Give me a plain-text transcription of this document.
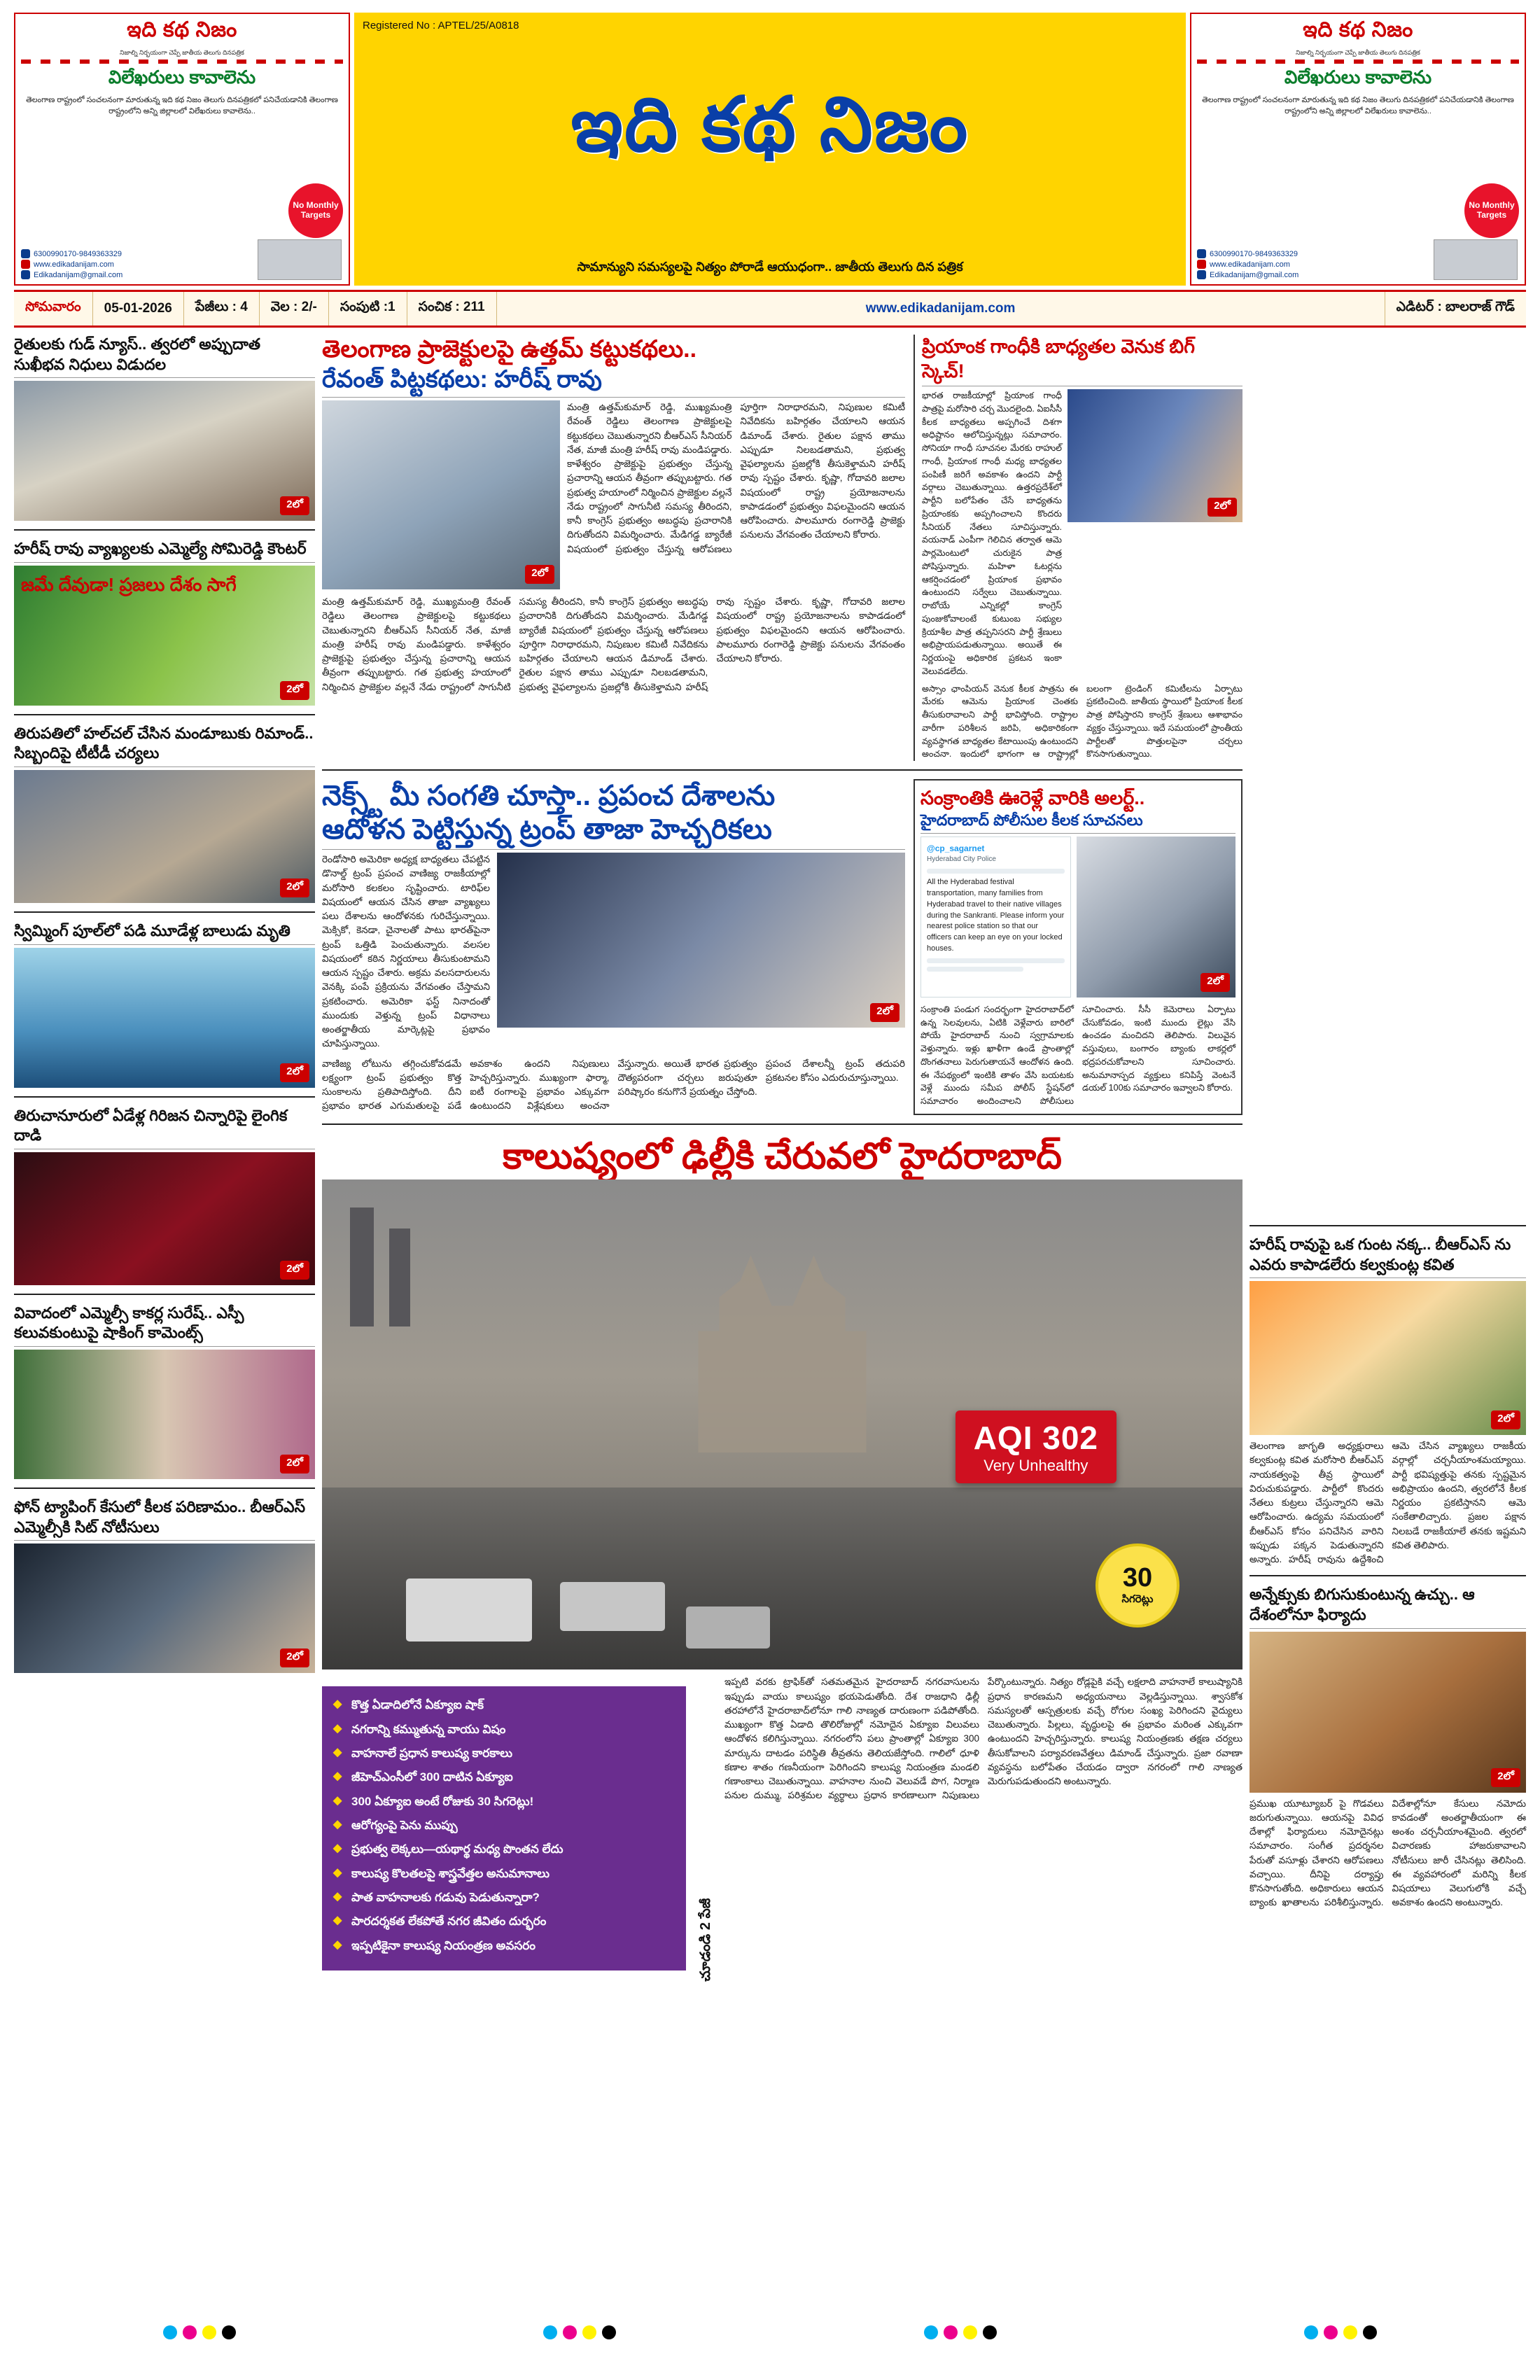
ఇది కథ నిజం
నిజాల్ని నిర్భయంగా చెప్పే జాతీయ తెలుగు దినపత్రిక
విలేఖరులు కావాలెను
తెలంగాణ రాష్ట్రంలో సంచలనంగా మారుతున్న ఇది కథ నిజం తెలుగు దినపత్రికలో పనిచేయడానికి తెలంగాణ రాష్ట్రంలోని అన్ని జిల్లాలలో విలేఖరులు కావాలెను..
No Monthly Targets
6300990170-9849363329
www.edikadanijam.com
Edikadanijam@gmail.com
Registered No : APTEL/25/A0818
ఇది కథ నిజం
సామాన్యుని సమస్యలపై నిత్యం పోరాడే ఆయుధంగా.. జాతీయ తెలుగు దిన పత్రిక
ఇది కథ నిజం
నిజాల్ని నిర్భయంగా చెప్పే జాతీయ తెలుగు దినపత్రిక
విలేఖరులు కావాలెను
తెలంగాణ రాష్ట్రంలో సంచలనంగా మారుతున్న ఇది కథ నిజం తెలుగు దినపత్రికలో పనిచేయడానికి తెలంగాణ రాష్ట్రంలోని అన్ని జిల్లాలలో విలేఖరులు కావాలెను..
No Monthly Targets
6300990170-9849363329
www.edikadanijam.com
Edikadanijam@gmail.com
సోమవారం	05-01-2026	పేజీలు : 4	వెల : 2/-	సంపుటి :1	సంచిక : 211	www.edikadanijam.com	ఎడిటర్ : బాలరాజ్ గౌడ్
రైతులకు గుడ్ న్యూస్.. త్వరలో అప్పుదాత సుఖీభవ నిధులు విడుదల
2లో
హరీష్ రావు వ్యాఖ్యలకు ఎమ్మెల్యే సోమిరెడ్డి కౌంటర్
జమే దేవుడా! ప్రజలు దేశం సాగే
2లో
తిరుపతిలో హల్‌చల్ చేసిన మండూబుకు రిమాండ్.. సిబ్బందిపై టీటీడీ చర్యలు
2లో
స్విమ్మింగ్ పూల్‌లో పడి మూడేళ్ల బాలుడు మృతి
2లో
తిరుచానూరులో ఏడేళ్ల గిరిజన చిన్నారిపై లైంగిక దాడి
2లో
వివాదంలో ఎమ్మెల్సీ కాకర్ల సురేష్.. ఎస్పీ కలువకుంటుపై షాకింగ్ కామెంట్స్
2లో
ఫోన్ ట్యాపింగ్ కేసులో కీలక పరిణామం.. బీఆర్ఎస్ ఎమ్మెల్సీకి సిట్ నోటీసులు
2లో
తెలంగాణ ప్రాజెక్టులపై ఉత్తమ్ కట్టుకథలు..
రేవంత్ పిట్టకథలు: హరీష్ రావు
2లో
మంత్రి ఉత్తమ్‌కుమార్ రెడ్డి, ముఖ్యమంత్రి రేవంత్ రెడ్డిలు తెలంగాణ ప్రాజెక్టులపై కట్టుకథలు చెబుతున్నారని బీఆర్ఎస్ సీనియర్ నేత, మాజీ మంత్రి హరీష్ రావు మండిపడ్డారు. కాళేశ్వరం ప్రాజెక్టుపై ప్రభుత్వం చేస్తున్న ప్రచారాన్ని ఆయన తీవ్రంగా తప్పుబట్టారు. గత ప్రభుత్వ హయాంలో నిర్మించిన ప్రాజెక్టుల వల్లనే నేడు రాష్ట్రంలో సాగునీటి సమస్య తీరిందని, కానీ కాంగ్రెస్ ప్రభుత్వం అబద్ధపు ప్రచారానికి దిగుతోందని విమర్శించారు. మేడిగడ్డ బ్యారేజీ విషయంలో ప్రభుత్వం చేస్తున్న ఆరోపణలు పూర్తిగా నిరాధారమని, నిపుణుల కమిటీ నివేదికను బహిర్గతం చేయాలని ఆయన డిమాండ్ చేశారు. రైతుల పక్షాన తాము ఎప్పుడూ నిలబడతామని, ప్రభుత్వ వైఫల్యాలను ప్రజల్లోకి తీసుకెళ్తామని హరీష్ రావు స్పష్టం చేశారు. కృష్ణా, గోదావరి జలాల విషయంలో రాష్ట్ర ప్రయోజనాలను కాపాడడంలో ప్రభుత్వం విఫలమైందని ఆయన ఆరోపించారు. పాలమూరు రంగారెడ్డి ప్రాజెక్టు పనులను వేగవంతం చేయాలని కోరారు.
మంత్రి ఉత్తమ్‌కుమార్ రెడ్డి, ముఖ్యమంత్రి రేవంత్ రెడ్డిలు తెలంగాణ ప్రాజెక్టులపై కట్టుకథలు చెబుతున్నారని బీఆర్ఎస్ సీనియర్ నేత, మాజీ మంత్రి హరీష్ రావు మండిపడ్డారు. కాళేశ్వరం ప్రాజెక్టుపై ప్రభుత్వం చేస్తున్న ప్రచారాన్ని ఆయన తీవ్రంగా తప్పుబట్టారు. గత ప్రభుత్వ హయాంలో నిర్మించిన ప్రాజెక్టుల వల్లనే నేడు రాష్ట్రంలో సాగునీటి సమస్య తీరిందని, కానీ కాంగ్రెస్ ప్రభుత్వం అబద్ధపు ప్రచారానికి దిగుతోందని విమర్శించారు. మేడిగడ్డ బ్యారేజీ విషయంలో ప్రభుత్వం చేస్తున్న ఆరోపణలు పూర్తిగా నిరాధారమని, నిపుణుల కమిటీ నివేదికను బహిర్గతం చేయాలని ఆయన డిమాండ్ చేశారు. రైతుల పక్షాన తాము ఎప్పుడూ నిలబడతామని, ప్రభుత్వ వైఫల్యాలను ప్రజల్లోకి తీసుకెళ్తామని హరీష్ రావు స్పష్టం చేశారు. కృష్ణా, గోదావరి జలాల విషయంలో రాష్ట్ర ప్రయోజనాలను కాపాడడంలో ప్రభుత్వం విఫలమైందని ఆయన ఆరోపించారు. పాలమూరు రంగారెడ్డి ప్రాజెక్టు పనులను వేగవంతం చేయాలని కోరారు.
ప్రియాంక గాంధీకి బాధ్యతల వెనుక బిగ్ స్కెచ్!
భారత రాజకీయాల్లో ప్రియాంక గాంధీ పాత్రపై మరోసారి చర్చ మొదలైంది. ఏఐసీసీ కీలక బాధ్యతలు అప్పగించే దిశగా అధిష్టానం ఆలోచిస్తున్నట్లు సమాచారం. సోనియా గాంధీ సూచనల మేరకు రాహుల్ గాంధీ, ప్రియాంక గాంధీ మధ్య బాధ్యతల పంపిణీ జరిగే అవకాశం ఉందని పార్టీ వర్గాలు చెబుతున్నాయి. ఉత్తరప్రదేశ్‌లో పార్టీని బలోపేతం చేసే బాధ్యతను ప్రియాంకకు అప్పగించాలని కొందరు సీనియర్ నేతలు సూచిస్తున్నారు. వయనాడ్ ఎంపీగా గెలిచిన తర్వాత ఆమె పార్లమెంటులో చురుకైన పాత్ర పోషిస్తున్నారు. మహిళా ఓటర్లను ఆకర్షించడంలో ప్రియాంక ప్రభావం ఉంటుందని సర్వేలు చెబుతున్నాయి. రాబోయే ఎన్నికల్లో కాంగ్రెస్ పుంజుకోవాలంటే కుటుంబ సభ్యుల క్రియాశీల పాత్ర తప్పనిసరని పార్టీ శ్రేణులు అభిప్రాయపడుతున్నాయి. అయితే ఈ నిర్ణయంపై అధికారిక ప్రకటన ఇంకా వెలువడలేదు.
2లో
అస్సాం ఛాంపియన్ వెనుక కీలక పాత్రను ఈ మేరకు ఆమెను ప్రియాంక చెంతకు తీసుకురావాలని పార్టీ భావిస్తోంది. రాష్ట్రాల వారీగా పరిశీలన జరిపి, అధికారికంగా వ్యవస్థాగత బాధ్యతల కేటాయింపు ఉంటుందని అంచనా. ఇందులో భాగంగా ఆ రాష్ట్రాల్లో బలంగా ట్రెండింగ్ కమిటీలను ఏర్పాటు ప్రకటించింది. జాతీయ స్థాయిలో ప్రియాంక కీలక పాత్ర పోషిస్తారని కాంగ్రెస్ శ్రేణులు ఆశాభావం వ్యక్తం చేస్తున్నాయి. ఇదే సమయంలో ప్రాంతీయ పార్టీలతో పొత్తులపైనా చర్చలు కొనసాగుతున్నాయి.
నెక్స్ట్ మీ సంగతి చూస్తా.. ప్రపంచ దేశాలను
ఆదోళన పెట్టిస్తున్న ట్రంప్ తాజా హెచ్చరికలు
రెండోసారి అమెరికా అధ్యక్ష బాధ్యతలు చేపట్టిన డొనాల్డ్ ట్రంప్ ప్రపంచ వాణిజ్య రాజకీయాల్లో మరోసారి కలకలం సృష్టించారు. టారిఫ్‌ల విషయంలో ఆయన చేసిన తాజా వ్యాఖ్యలు పలు దేశాలను ఆందోళనకు గురిచేస్తున్నాయి. మెక్సికో, కెనడా, చైనాలతో పాటు భారత్‌పైనా ట్రంప్ ఒత్తిడి పెంచుతున్నారు. వలసల విషయంలో కఠిన నిర్ణయాలు తీసుకుంటామని ఆయన స్పష్టం చేశారు. అక్రమ వలసదారులను వెనక్కి పంపే ప్రక్రియను వేగవంతం చేస్తామని ప్రకటించారు. అమెరికా ఫస్ట్ నినాదంతో ముందుకు వెళ్తున్న ట్రంప్ విధానాలు అంతర్జాతీయ మార్కెట్లపై ప్రభావం చూపిస్తున్నాయి.
2లో
వాణిజ్య లోటును తగ్గించుకోవడమే లక్ష్యంగా ట్రంప్ ప్రభుత్వం కొత్త సుంకాలను ప్రతిపాదిస్తోంది. దీని ప్రభావం భారత ఎగుమతులపై పడే అవకాశం ఉందని నిపుణులు హెచ్చరిస్తున్నారు. ముఖ్యంగా ఫార్మా, ఐటీ రంగాలపై ప్రభావం ఎక్కువగా ఉంటుందని విశ్లేషకులు అంచనా వేస్తున్నారు. అయితే భారత ప్రభుత్వం దౌత్యపరంగా చర్చలు జరుపుతూ పరిష్కారం కనుగొనే ప్రయత్నం చేస్తోంది. ప్రపంచ దేశాలన్నీ ట్రంప్ తదుపరి ప్రకటనల కోసం ఎదురుచూస్తున్నాయి.
సంక్రాంతికి ఊరెళ్లే వారికి అలర్ట్..
హైదరాబాద్ పోలీసుల కీలక సూచనలు
@cp_sagarnet
Hyderabad City Police
All the Hyderabad festival transportation, many families from Hyderabad travel to their native villages during the Sankranti. Please inform your nearest police station so that our officers can keep an eye on your locked houses.
2లో
సంక్రాంతి పండుగ సందర్భంగా హైదరాబాద్‌లో ఉన్న సెలవులను, ఏటికి వెళ్లేవారు బారిలో పోయే హైదరాబాద్ నుంచి స్వగ్రామాలకు వెళ్తున్నారు. ఇళ్లు ఖాళీగా ఉండే ప్రాంతాల్లో దొంగతనాలు పెరుగుతాయనే ఆందోళన ఉంది. ఈ నేపథ్యంలో ఇంటికి తాళం వేసి బయటకు వెళ్లే ముందు సమీప పోలీస్ స్టేషన్‌లో సమాచారం అందించాలని పోలీసులు సూచించారు. సీసీ కెమెరాలు ఏర్పాటు చేసుకోవడం, ఇంటి ముందు లైట్లు వేసి ఉంచడం మంచిదని తెలిపారు. విలువైన వస్తువులు, బంగారం బ్యాంకు లాకర్లలో భద్రపరచుకోవాలని సూచించారు. అనుమానాస్పద వ్యక్తులు కనిపిస్తే వెంటనే డయల్ 100కు సమాచారం ఇవ్వాలని కోరారు.
కాలుష్యంలో ఢిల్లీకి చేరువలో హైదరాబాద్
AQI 302
Very Unhealthy
30
సిగరెట్లు
◆ కొత్త ఏడాదిలోనే ఏక్యూఐ షాక్
◆ నగరాన్ని కమ్ముతున్న వాయు విషం
◆ వాహనాలే ప్రధాన కాలుష్య కారకాలు
◆ జీహెచ్ఎంసీలో 300 దాటిన ఏక్యూఐ
◆ 300 ఏక్యూఐ అంటే రోజుకు 30 సిగరెట్లు!
◆ ఆరోగ్యంపై పెను ముప్పు
◆ ప్రభుత్వ లెక్కలు—యథార్థ మధ్య పొంతన లేదు
◆ కాలుష్య కొలతలపై శాస్త్రవేత్తల అనుమానాలు
◆ పాత వాహనాలకు గడువు పెడుతున్నారా?
◆ పారదర్శకత లేకపోతే నగర జీవితం దుర్భరం
◆ ఇప్పటికైనా కాలుష్య నియంత్రణ అవసరం	చూడండి 2 పేజీ
ఇప్పటి వరకు ట్రాఫిక్‌తో సతమతమైన హైదరాబాద్ నగరవాసులను ఇప్పుడు వాయు కాలుష్యం భయపెడుతోంది. దేశ రాజధాని ఢిల్లీ తరహాలోనే హైదరాబాద్‌లోనూ గాలి నాణ్యత దారుణంగా పడిపోతోంది. ముఖ్యంగా కొత్త ఏడాది తొలిరోజుల్లో నమోదైన ఏక్యూఐ విలువలు ఆందోళన కలిగిస్తున్నాయి. నగరంలోని పలు ప్రాంతాల్లో ఏక్యూఐ 300 మార్కును దాటడం పరిస్థితి తీవ్రతను తెలియజేస్తోంది. గాలిలో ధూళి కణాల శాతం గణనీయంగా పెరిగిందని కాలుష్య నియంత్రణ మండలి గణాంకాలు చెబుతున్నాయి. వాహనాల నుంచి వెలువడే పొగ, నిర్మాణ పనుల దుమ్ము, పరిశ్రమల వ్యర్థాలు ప్రధాన కారణాలుగా నిపుణులు పేర్కొంటున్నారు. నిత్యం రోడ్లపైకి వచ్చే లక్షలాది వాహనాలే కాలుష్యానికి ప్రధాన కారణమని అధ్యయనాలు వెల్లడిస్తున్నాయి. శ్వాసకోశ సమస్యలతో ఆస్పత్రులకు వచ్చే రోగుల సంఖ్య పెరిగిందని వైద్యులు చెబుతున్నారు. పిల్లలు, వృద్ధులపై ఈ ప్రభావం మరింత ఎక్కువగా ఉంటుందని హెచ్చరిస్తున్నారు. కాలుష్య నియంత్రణకు తక్షణ చర్యలు తీసుకోవాలని పర్యావరణవేత్తలు డిమాండ్ చేస్తున్నారు. ప్రజా రవాణా వ్యవస్థను బలోపేతం చేయడం ద్వారా నగరంలో గాలి నాణ్యత మెరుగుపడుతుందని అంటున్నారు.
హరీష్ రావుపై ఒక గుంట నక్క.. బీఆర్ఎస్ ను ఎవరు కాపాడలేరు కల్వకుంట్ల కవిత
2లో
తెలంగాణ జాగృతి అధ్యక్షురాలు కల్వకుంట్ల కవిత మరోసారి బీఆర్ఎస్ నాయకత్వంపై తీవ్ర స్థాయిలో విరుచుకుపడ్డారు. పార్టీలో కొందరు నేతలు కుట్రలు చేస్తున్నారని ఆమె ఆరోపించారు. ఉద్యమ సమయంలో బీఆర్ఎస్ కోసం పనిచేసిన వారిని ఇప్పుడు పక్కన పెడుతున్నారని అన్నారు. హరీష్ రావును ఉద్దేశించి ఆమె చేసిన వ్యాఖ్యలు రాజకీయ వర్గాల్లో చర్చనీయాంశమయ్యాయి. పార్టీ భవిష్యత్తుపై తనకు స్పష్టమైన అభిప్రాయం ఉందని, త్వరలోనే కీలక నిర్ణయం ప్రకటిస్తానని ఆమె సంకేతాలిచ్చారు. ప్రజల పక్షాన నిలబడే రాజకీయాలే తనకు ఇష్టమని కవిత తెలిపారు.
అన్నేక్సుకు బిగుసుకుంటున్న ఉచ్చు.. ఆ దేశంలోనూ ఫిర్యాదు
2లో
ప్రముఖ యూట్యూబర్ పై గొడవలు జరుగుతున్నాయి. ఆయనపై వివిధ దేశాల్లో ఫిర్యాదులు నమోదైనట్లు సమాచారం. సంగీత ప్రదర్శనల పేరుతో వసూళ్లు చేశారని ఆరోపణలు వచ్చాయి. దీనిపై దర్యాప్తు కొనసాగుతోంది. అధికారులు ఆయన బ్యాంకు ఖాతాలను పరిశీలిస్తున్నారు. విదేశాల్లోనూ కేసులు నమోదు కావడంతో అంతర్జాతీయంగా ఈ అంశం చర్చనీయాంశమైంది. త్వరలో విచారణకు హాజరుకావాలని నోటీసులు జారీ చేసినట్లు తెలిసింది. ఈ వ్యవహారంలో మరిన్ని కీలక విషయాలు వెలుగులోకి వచ్చే అవకాశం ఉందని అంటున్నారు.
